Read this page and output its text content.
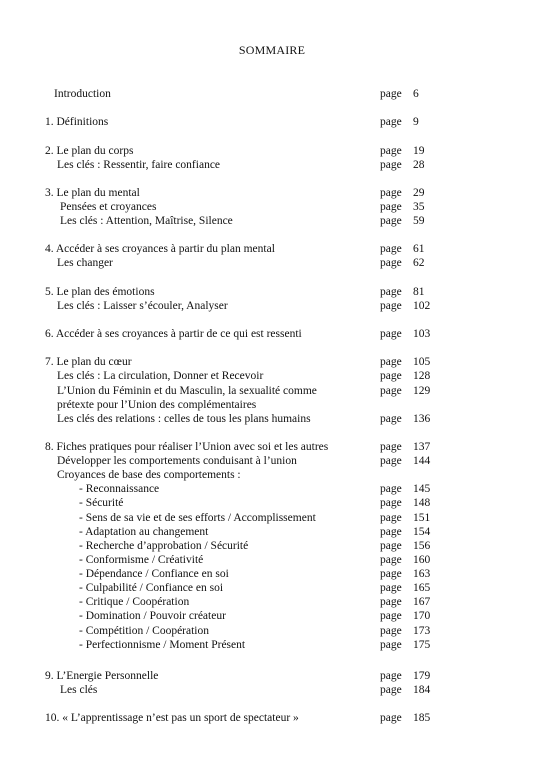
SOMMAIRE
Introduction	page 6
1. Définitions	page 9
2. Le plan du corps	page 19
Les clés : Ressentir, faire confiance	page 28
3. Le plan du mental	page 29
Pensées et croyances	page 35
Les clés : Attention, Maîtrise, Silence	page 59
4. Accéder à ses croyances à partir du plan mental	page 61
Les changer	page 62
5. Le plan des émotions	page 81
Les clés : Laisser s’écouler, Analyser	page 102
6. Accéder à ses croyances à partir de ce qui est ressenti	page 103
7. Le plan du cœur	page 105
Les clés : La circulation, Donner et Recevoir	page 128
L’Union du Féminin et du Masculin, la sexualité comme	page 129
prétexte pour l’Union des complémentaires
Les clés des relations : celles de tous les plans humains	page 136
8. Fiches pratiques pour réaliser l’Union avec soi et les autres	page 137
Développer les comportements conduisant à l’union	page 144
Croyances de base des comportements :
- Reconnaissance	page 145
- Sécurité	page 148
- Sens de sa vie et de ses efforts / Accomplissement	page 151
- Adaptation au changement	page 154
- Recherche d’approbation / Sécurité	page 156
- Conformisme / Créativité	page 160
- Dépendance / Confiance en soi	page 163
- Culpabilité / Confiance en soi	page 165
- Critique / Coopération	page 167
- Domination / Pouvoir créateur	page 170
- Compétition / Coopération	page 173
- Perfectionnisme / Moment Présent	page 175
9. L’Energie Personnelle	page 179
Les clés	page 184
10. « L’apprentissage n’est pas un sport de spectateur »	page 185
